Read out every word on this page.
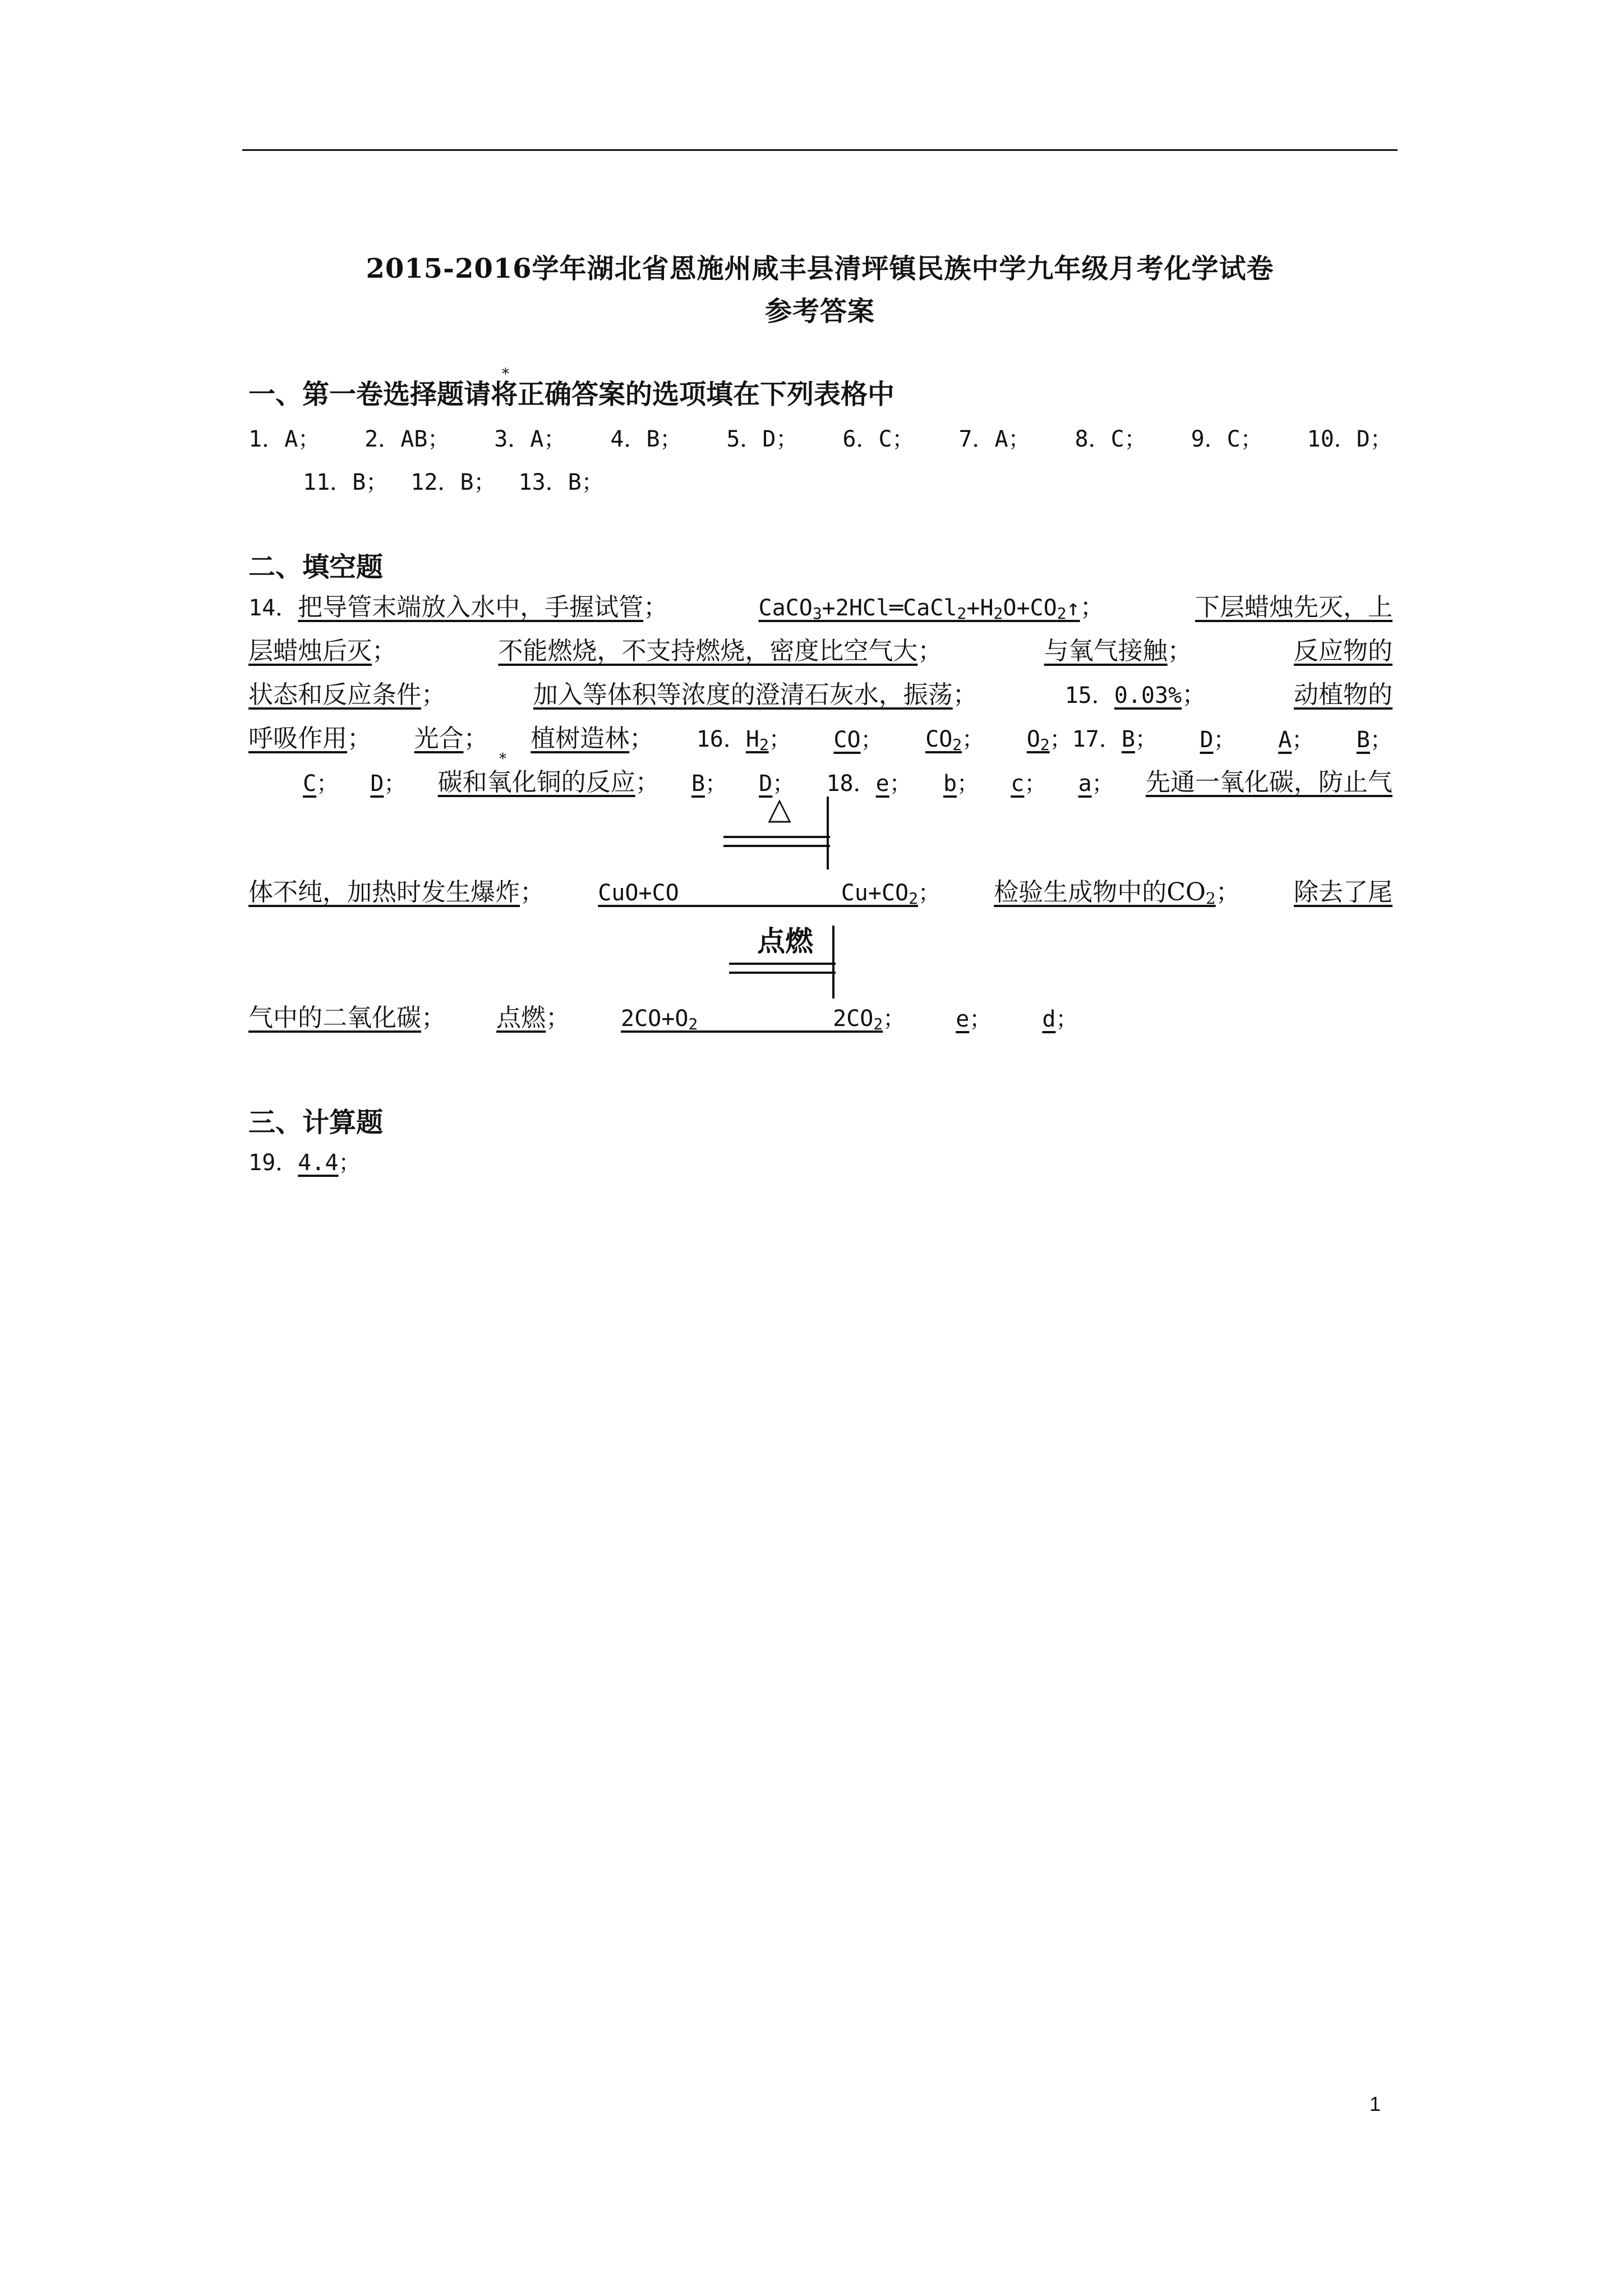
2015-2016学年湖北省恩施州咸丰县清坪镇民族中学九年级月考化学试卷
参考答案
一、第一卷选择题请将正确答案的选项填在下列表格中
*
1．A； 2．AB； 3．A； 4．B； 5．D； 6．C； 7．A； 8．C； 9．C； 10．D；
11．B； 12．B； 13．B；
二、填空题
14．把导管末端放入水中，手握试管；	$CaCO_3+2HCl═CaCl_2+H_2O+CO_2↑$；	下层蜡烛先灭，上
层蜡烛后灭；	不能燃烧，不支持燃烧，密度比空气大；	与氧气接触；	反应物的
状态和反应条件；	加入等体积等浓度的澄清石灰水，振荡；	15．0.03%；	动植物的
呼吸作用； 光合； 植树造林； 16．$H_2$； CO； $CO_2$； $O_2$；17．B； D； A； B；
C； D； 碳和氧化铜的反应； B； D； 18．e； b； c； a； 先通一氧化碳，防止气
*
△
体不纯，加热时发生爆炸； CuO+CO            $Cu+CO_2$； 检验生成物中的$CO_2$； 除去了尾
点燃
气中的二氧化碳； 点燃； $2CO+O_2$          $2CO_2$； e； d；
三、计算题
19． 4.4；
1
